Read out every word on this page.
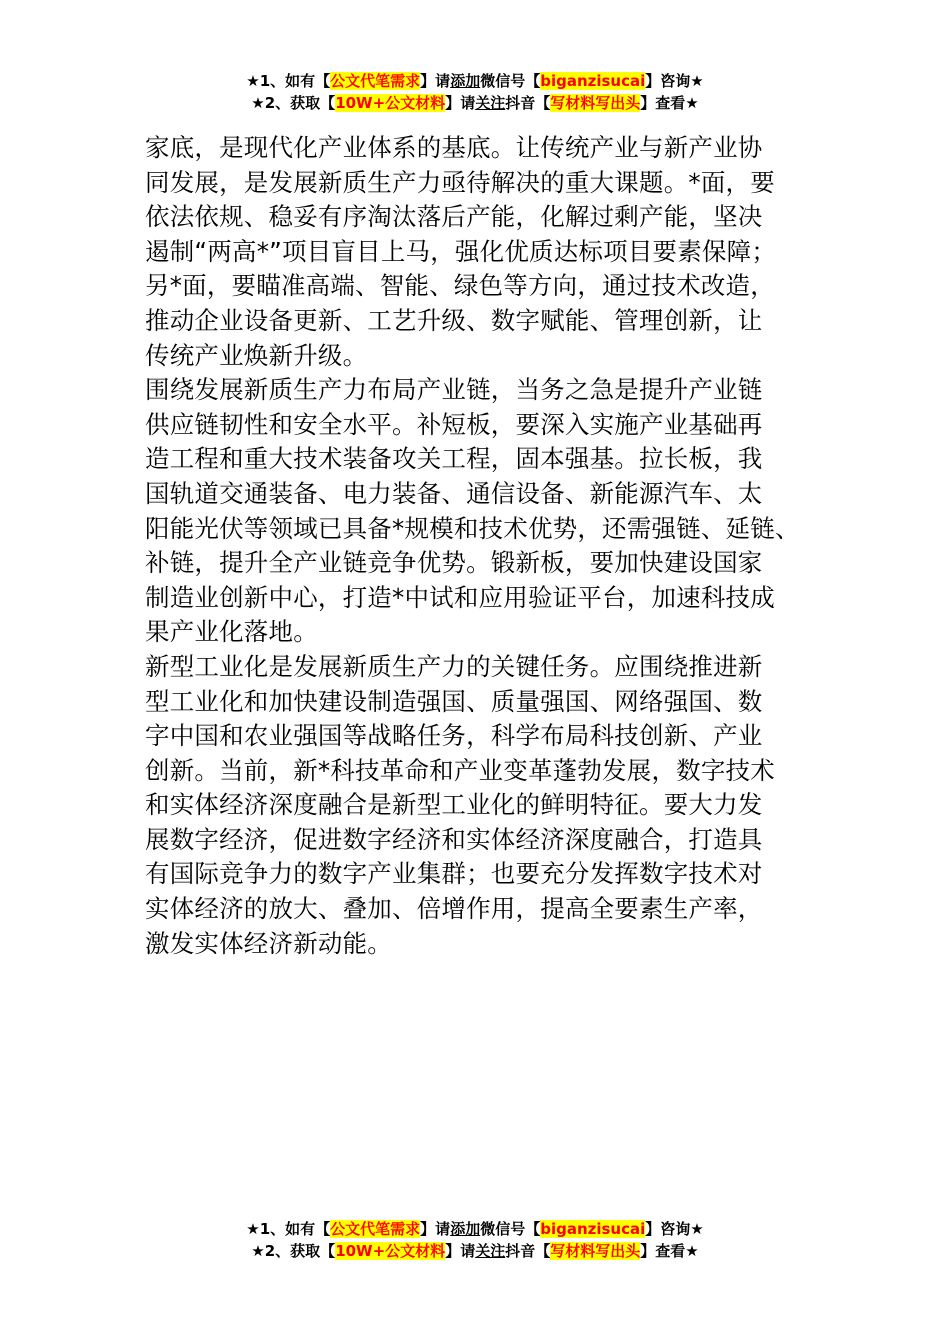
★1、如有【公文代笔需求】请添加微信号【biganzisucai】咨询★
★2、获取【10W+公文材料】请关注抖音【写材料写出头】查看★

家底，是现代化产业体系的基底。让传统产业与新产业协
同发展，是发展新质生产力亟待解决的重大课题。*面，要
依法依规、稳妥有序淘汰落后产能，化解过剩产能，坚决
遏制“两高*”项目盲目上马，强化优质达标项目要素保障；
另*面，要瞄准高端、智能、绿色等方向，通过技术改造，
推动企业设备更新、工艺升级、数字赋能、管理创新，让
传统产业焕新升级。

围绕发展新质生产力布局产业链，当务之急是提升产业链
供应链韧性和安全水平。补短板，要深入实施产业基础再
造工程和重大技术装备攻关工程，固本强基。拉长板，我
国轨道交通装备、电力装备、通信设备、新能源汽车、太
阳能光伏等领域已具备*规模和技术优势，还需强链、延链、
补链，提升全产业链竞争优势。锻新板，要加快建设国家
制造业创新中心，打造*中试和应用验证平台，加速科技成
果产业化落地。

新型工业化是发展新质生产力的关键任务。应围绕推进新
型工业化和加快建设制造强国、质量强国、网络强国、数
字中国和农业强国等战略任务，科学布局科技创新、产业
创新。当前，新*科技革命和产业变革蓬勃发展，数字技术
和实体经济深度融合是新型工业化的鲜明特征。要大力发
展数字经济，促进数字经济和实体经济深度融合，打造具
有国际竞争力的数字产业集群；也要充分发挥数字技术对
实体经济的放大、叠加、倍增作用，提高全要素生产率，
激发实体经济新动能。

★1、如有【公文代笔需求】请添加微信号【biganzisucai】咨询★
★2、获取【10W+公文材料】请关注抖音【写材料写出头】查看★
